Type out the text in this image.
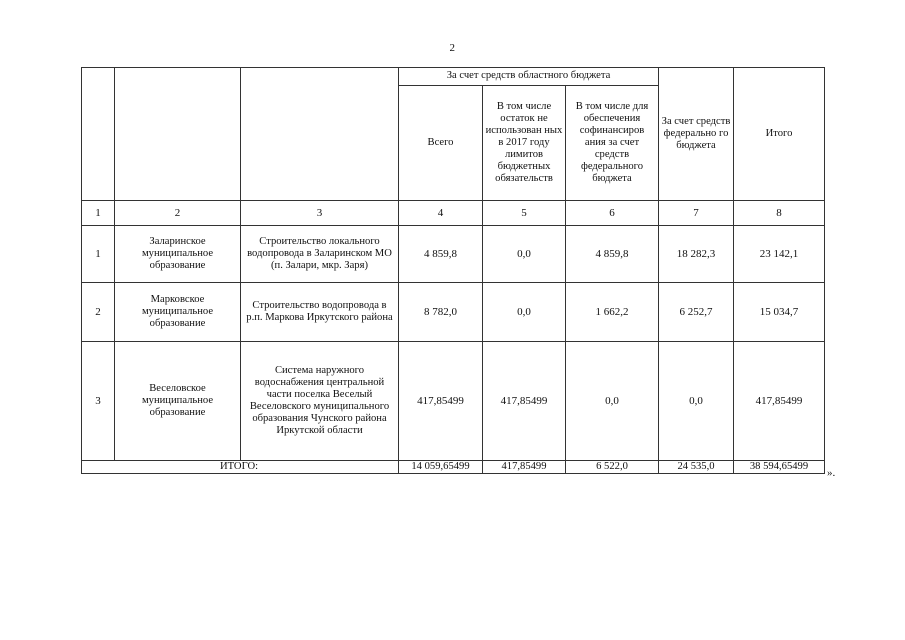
2
			За счет средств областного бюджета			За счет средств федерально го бюджета	Итого
			Всего	В том числе остаток не использован ных в 2017 году лимитов бюджетных обязательств	В том числе для обеспечения софинансиров ания за счет средств федерального бюджета		
1	2	3	4	5	6	7	8
1	Заларинское муниципальное образование	Строительство локального водопровода в Заларинском МО (п. Залари, мкр. Заря)	4 859,8	0,0	4 859,8	18 282,3	23 142,1
2	Марковское муниципальное образование	Строительство водопровода в р.п. Маркова Иркутского района	8 782,0	0,0	1 662,2	6 252,7	15 034,7
3	Веселовское муниципальное образование	Система наружного водоснабжения центральной части поселка Веселый Веселовского муниципального образования Чунского района Иркутской области	417,85499	417,85499	0,0	0,0	417,85499
ИТОГО:			14 059,65499	417,85499	6 522,0	24 535,0	38 594,65499
».
